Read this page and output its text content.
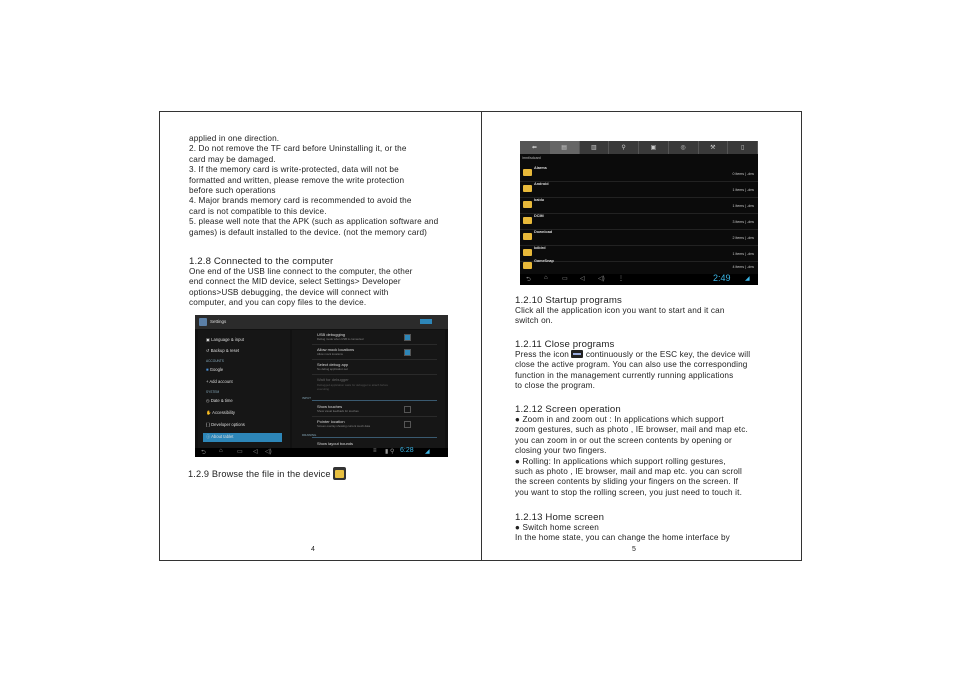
applied in one direction.

2. Do not remove the TF card before Uninstalling it, or the

card may be damaged.

3. If the memory card is write-protected, data will not be

formatted and written, please remove the write protection

before such operations

4. Major brands memory card is recommended to avoid the

card is not compatible to this device.

5. please well note that the APK (such as application software and

games) is default installed to the device. (not the memory card)

1.2.8 Connected to the computer

One end of the USB line connect to the computer, the other

end connect the MID device, select Settings> Developer

options>USB debugging, the device will connect with

computer, and you can copy files to the device.

Settings
▣ Language & input
↺ Backup & reset
ACCOUNTS
■ Google
+ Add account
SYSTEM
◷ Date & time
✋ Accessibility
{ } Developer options
ⓘ About tablet
USB debugging
Debug mode when USB is connected
Allow mock locations
Allow mock locations
Select debug app
No debug application set
Wait for debugger
Debugged application waits for debugger to attach before executing
INPUT
Show touches
Show visual feedback for touches
Pointer location
Screen overlay showing current touch data
DRAWING
Show layout bounds
⮌ ⌂ ▭ ◁ ◁)	≡ ▮ ⚲ 6:28 ◢

1.2.9 Browse the file in the device

4
⬅	▤	▥	⚲	▣	◎	⚒	▯
/mnt/sdcard
Alarms
0 items | -drw
Android
1 items | -drw
baidu
1 items | -drw
DCIM
3 items | -drw
Download
2 items | -drw
kdbird
1 items | -drw
GameSnap
4 items | -drw
⮌ ⌂ ▭ ◁ ◁) ⋮	2:49 ◢

1.2.10 Startup programs

Click all the application icon you want to start and it can

switch on.

1.2.11 Close programs

Press the icon continuously or the ESC key, the device will

close the active program. You can also use the corresponding

function in the management currently running applications

to close the program.

1.2.12 Screen operation

● Zoom in and zoom out : In applications which support

zoom gestures, such as photo , IE browser, mail and map etc.

you can zoom in or out the screen contents by opening or

closing your two fingers.

● Rolling: In applications which support rolling gestures,

such as photo , IE browser, mail and map etc. you can scroll

the screen contents by sliding your fingers on the screen. If

you want to stop the rolling screen, you just need to touch it.

1.2.13 Home screen

● Switch home screen

In the home state, you can change the home interface by

5
